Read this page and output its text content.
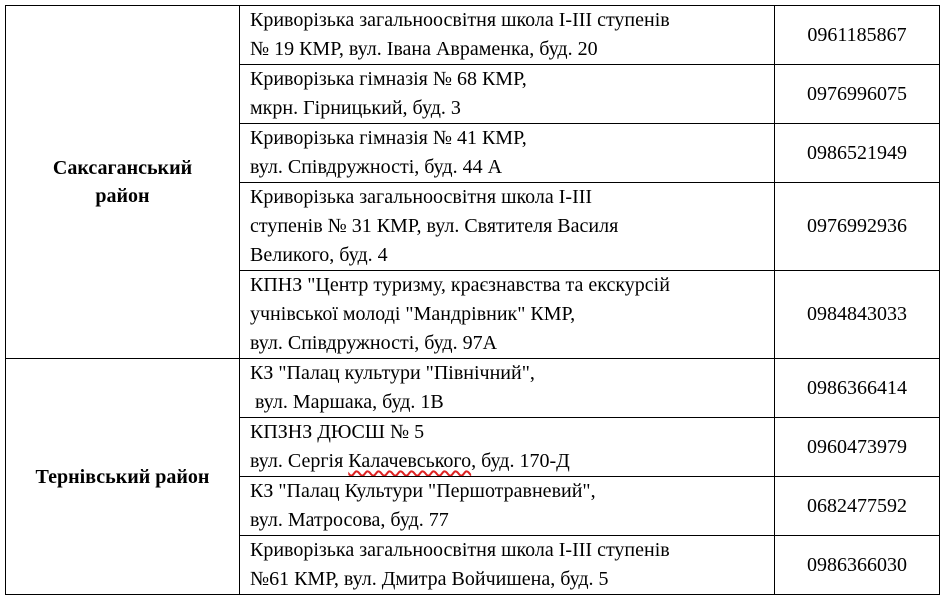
Саксаганський
район	Криворізька загальноосвітня школа І-ІІІ ступенів
№ 19 КМР, вул. Івана Авраменка, буд. 20	0961185867

	Криворізька гімназія № 68 КМР,
мкрн. Гірницький, буд. 3	0976996075

	Криворізька гімназія № 41 КМР,
вул. Співдружності, буд. 44 А	0986521949

	Криворізька загальноосвітня школа І-ІІІ
ступенів № 31 КМР, вул. Святителя Василя
Великого, буд. 4	0976992936

	КПНЗ "Центр туризму, краєзнавства та екскурсій
учнівської молоді "Мандрівник" КМР,
вул. Співдружності, буд. 97А	0984843033

Тернівський район	КЗ "Палац культури "Північний",
вул. Маршака, буд. 1В	0986366414

	КПЗНЗ ДЮСШ № 5
вул. Сергія Калачевського, буд. 170-Д	0960473979

	КЗ "Палац Культури "Першотравневий",
вул. Матросова, буд. 77	0682477592

	Криворізька загальноосвітня школа І-ІІІ ступенів
№61 КМР, вул. Дмитра Войчишена, буд. 5	0986366030
